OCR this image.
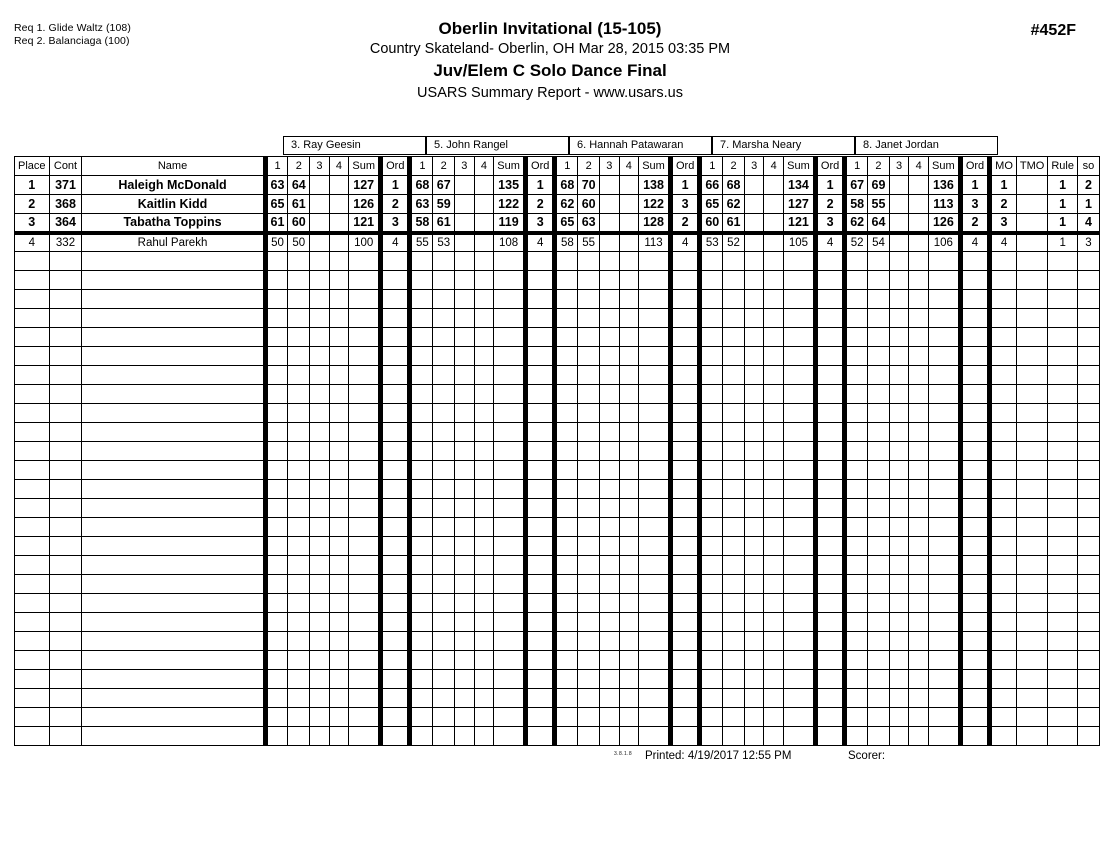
Req 1. Glide Waltz (108)
Req 2. Balanciaga (100)
Oberlin Invitational (15-105)
Country Skateland- Oberlin, OH Mar 28, 2015 03:35 PM
Juv/Elem C Solo Dance Final
USARS Summary Report - www.usars.us
#452F
3. Ray Geesin	5. John Rangel	6. Hannah Patawaran	7. Marsha Neary	8. Janet Jordan
Place	Cont	Name	1	2	3	4	Sum	Ord	1	2	3	4	Sum	Ord	1	2	3	4	Sum	Ord	1	2	3	4	Sum	Ord	1	2	3	4	Sum	Ord	MO	TMO	Rule	so
1	371	Haleigh McDonald	63	64			127	1	68	67			135	1	68	70			138	1	66	68			134	1	67	69			136	1	1		1	2
2	368	Kaitlin Kidd	65	61			126	2	63	59			122	2	62	60			122	3	65	62			127	2	58	55			113	3	2		1	1
3	364	Tabatha Toppins	61	60			121	3	58	61			119	3	65	63			128	2	60	61			121	3	62	64			126	2	3		1	4
4	332	Rahul Parekh	50	50			100	4	55	53			108	4	58	55			113	4	53	52			105	4	52	54			106	4	4		1	3

3.8.1.8 Printed: 4/19/2017 12:55 PM	Scorer:
